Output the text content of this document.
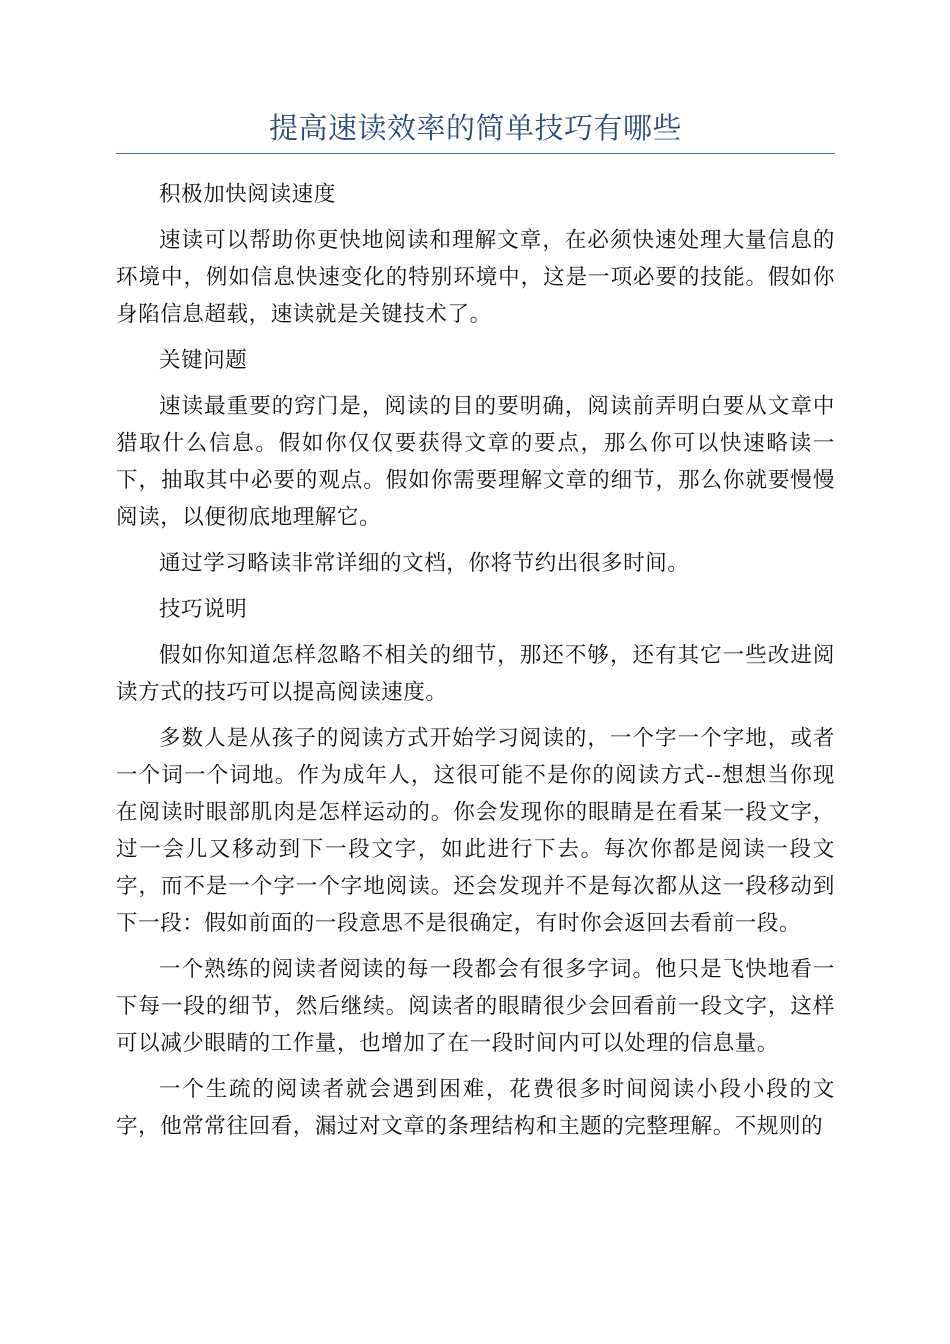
提高速读效率的简单技巧有哪些

积极加快阅读速度

速读可以帮助你更快地阅读和理解文章，在必须快速处理大量信息的环境中，例如信息快速变化的特别环境中，这是一项必要的技能。假如你身陷信息超载，速读就是关键技术了。

关键问题

速读最重要的窍门是，阅读的目的要明确，阅读前弄明白要从文章中猎取什么信息。假如你仅仅要获得文章的要点，那么你可以快速略读一下，抽取其中必要的观点。假如你需要理解文章的细节，那么你就要慢慢阅读，以便彻底地理解它。

通过学习略读非常详细的文档，你将节约出很多时间。

技巧说明

假如你知道怎样忽略不相关的细节，那还不够，还有其它一些改进阅读方式的技巧可以提高阅读速度。

多数人是从孩子的阅读方式开始学习阅读的，一个字一个字地，或者一个词一个词地。作为成年人，这很可能不是你的阅读方式--想想当你现在阅读时眼部肌肉是怎样运动的。你会发现你的眼睛是在看某一段文字，过一会儿又移动到下一段文字，如此进行下去。每次你都是阅读一段文字，而不是一个字一个字地阅读。还会发现并不是每次都从这一段移动到下一段：假如前面的一段意思不是很确定，有时你会返回去看前一段。

一个熟练的阅读者阅读的每一段都会有很多字词。他只是飞快地看一下每一段的细节，然后继续。阅读者的眼睛很少会回看前一段文字，这样可以减少眼睛的工作量，也增加了在一段时间内可以处理的信息量。

一个生疏的阅读者就会遇到困难，花费很多时间阅读小段小段的文字，他常常往回看，漏过对文章的条理结构和主题的完整理解。不规则的
